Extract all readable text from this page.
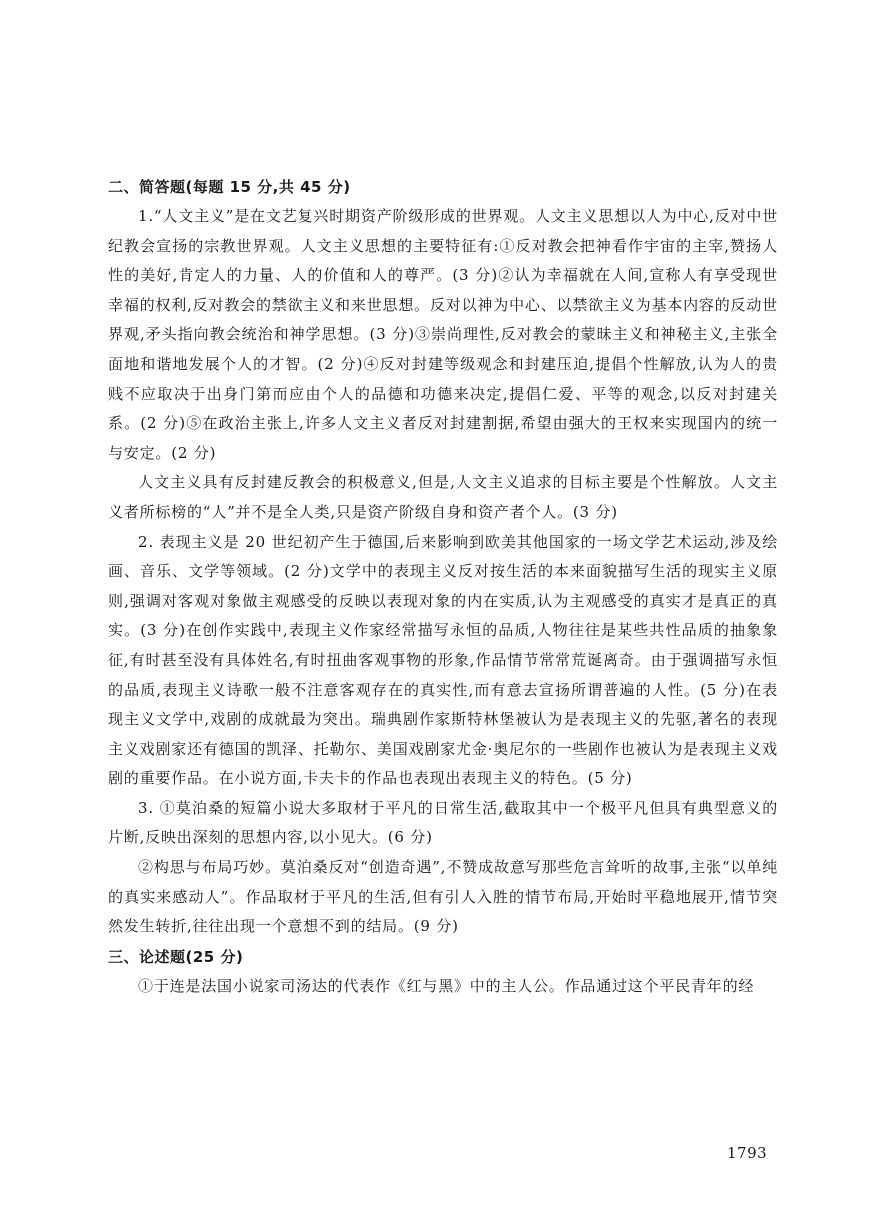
二、简答题(每题 15 分,共 45 分)

1.“人文主义”是在文艺复兴时期资产阶级形成的世界观。人文主义思想以人为中心,反对中世纪教会宣扬的宗教世界观。人文主义思想的主要特征有:①反对教会把神看作宇宙的主宰,赞扬人性的美好,肯定人的力量、人的价值和人的尊严。(3 分)②认为幸福就在人间,宣称人有享受现世幸福的权利,反对教会的禁欲主义和来世思想。反对以神为中心、以禁欲主义为基本内容的反动世界观,矛头指向教会统治和神学思想。(3 分)③崇尚理性,反对教会的蒙昧主义和神秘主义,主张全面地和谐地发展个人的才智。(2 分)④反对封建等级观念和封建压迫,提倡个性解放,认为人的贵贱不应取决于出身门第而应由个人的品德和功德来决定,提倡仁爱、平等的观念,以反对封建关系。(2 分)⑤在政治主张上,许多人文主义者反对封建割据,希望由强大的王权来实现国内的统一与安定。(2 分)

人文主义具有反封建反教会的积极意义,但是,人文主义追求的目标主要是个性解放。人文主义者所标榜的“人”并不是全人类,只是资产阶级自身和资产者个人。(3 分)

2. 表现主义是 20 世纪初产生于德国,后来影响到欧美其他国家的一场文学艺术运动,涉及绘画、音乐、文学等领域。(2 分)文学中的表现主义反对按生活的本来面貌描写生活的现实主义原则,强调对客观对象做主观感受的反映以表现对象的内在实质,认为主观感受的真实才是真正的真实。(3 分)在创作实践中,表现主义作家经常描写永恒的品质,人物往往是某些共性品质的抽象象征,有时甚至没有具体姓名,有时扭曲客观事物的形象,作品情节常常荒诞离奇。由于强调描写永恒的品质,表现主义诗歌一般不注意客观存在的真实性,而有意去宣扬所谓普遍的人性。(5 分)在表现主义文学中,戏剧的成就最为突出。瑞典剧作家斯特林堡被认为是表现主义的先驱,著名的表现主义戏剧家还有德国的凯泽、托勒尔、美国戏剧家尤金·奥尼尔的一些剧作也被认为是表现主义戏剧的重要作品。在小说方面,卡夫卡的作品也表现出表现主义的特色。(5 分)

3. ①莫泊桑的短篇小说大多取材于平凡的日常生活,截取其中一个极平凡但具有典型意义的片断,反映出深刻的思想内容,以小见大。(6 分)

②构思与布局巧妙。莫泊桑反对“创造奇遇”,不赞成故意写那些危言耸听的故事,主张“以单纯的真实来感动人”。作品取材于平凡的生活,但有引人入胜的情节布局,开始时平稳地展开,情节突然发生转折,往往出现一个意想不到的结局。(9 分)

三、论述题(25 分)

①于连是法国小说家司汤达的代表作《红与黑》中的主人公。作品通过这个平民青年的经

1793
